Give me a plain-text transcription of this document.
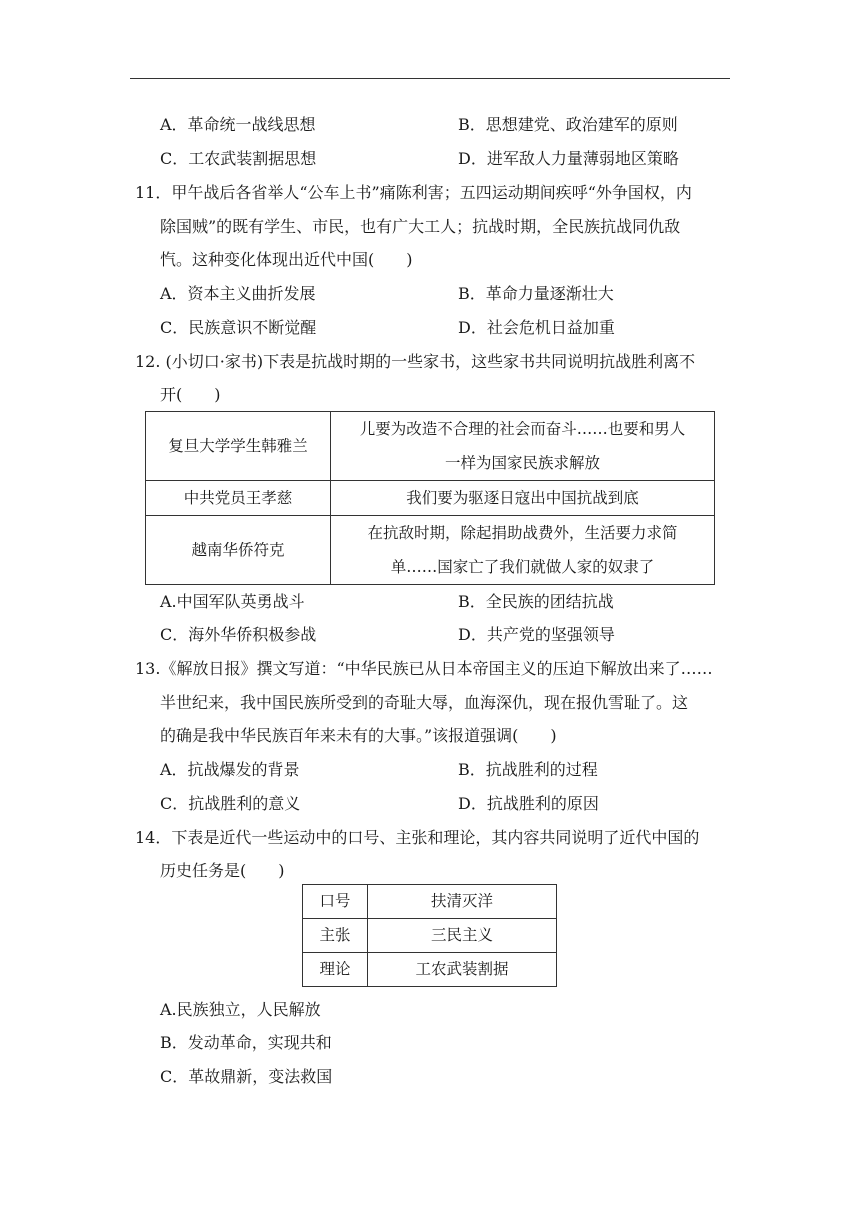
A．革命统一战线思想	B．思想建党、政治建军的原则
C．工农武装割据思想	D．进军敌人力量薄弱地区策略
11．甲午战后各省举人“公车上书”痛陈利害；五四运动期间疾呼“外争国权，内
除国贼”的既有学生、市民，也有广大工人；抗战时期，全民族抗战同仇敌
忾。这种变化体现出近代中国(　　)
A．资本主义曲折发展	B．革命力量逐渐壮大
C．民族意识不断觉醒	D．社会危机日益加重
12. (小切口·家书)下表是抗战时期的一些家书，这些家书共同说明抗战胜利离不
开(　　)
复旦大学学生韩雅兰	儿要为改造不合理的社会而奋斗……也要和男人
一样为国家民族求解放

中共党员王孝慈	我们要为驱逐日寇出中国抗战到底
越南华侨符克	在抗敌时期，除起捐助战费外，生活要力求简
单……国家亡了我们就做人家的奴隶了
A.中国军队英勇战斗	B．全民族的团结抗战
C．海外华侨积极参战	D．共产党的坚强领导
13.《解放日报》撰文写道：“中华民族已从日本帝国主义的压迫下解放出来了……
半世纪来，我中国民族所受到的奇耻大辱，血海深仇，现在报仇雪耻了。这
的确是我中华民族百年来未有的大事。”该报道强调(　　)
A．抗战爆发的背景	B．抗战胜利的过程
C．抗战胜利的意义	D．抗战胜利的原因
14．下表是近代一些运动中的口号、主张和理论，其内容共同说明了近代中国的
历史任务是(　　)
口号	扶清灭洋
主张	三民主义
理论	工农武装割据
A.民族独立，人民解放
B．发动革命，实现共和
C．革故鼎新，变法救国
